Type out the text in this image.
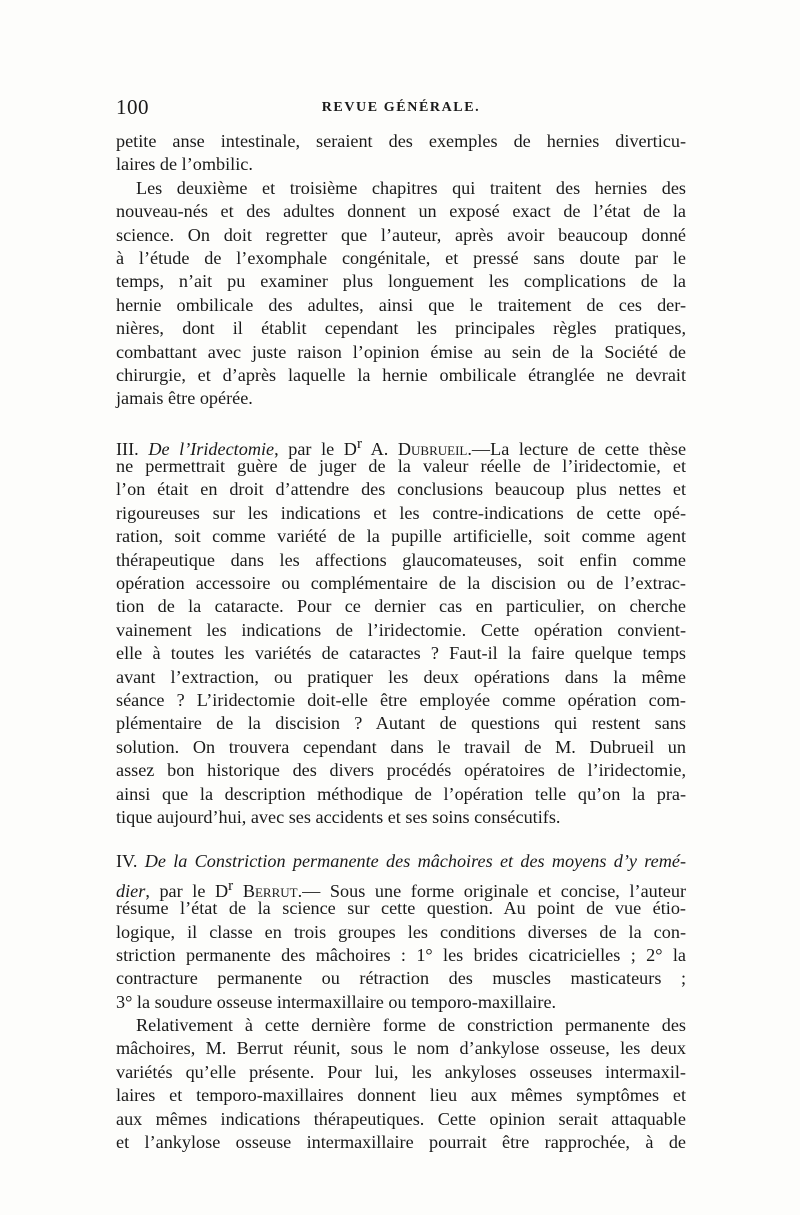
100	REVUE GÉNÉRALE.
petite anse intestinale, seraient des exemples de hernies diverticu-
laires de l’ombilic.
Les deuxième et troisième chapitres qui traitent des hernies des
nouveau-nés et des adultes donnent un exposé exact de l’état de la
science. On doit regretter que l’auteur, après avoir beaucoup donné
à l’étude de l’exomphale congénitale, et pressé sans doute par le
temps, n’ait pu examiner plus longuement les complications de la
hernie ombilicale des adultes, ainsi que le traitement de ces der-
nières, dont il établit cependant les principales règles pratiques,
combattant avec juste raison l’opinion émise au sein de la Société de
chirurgie, et d’après laquelle la hernie ombilicale étranglée ne devrait
jamais être opérée.
III. De l’Iridectomie, par le $D^r$ A. Dubrueil.—La lecture de cette thèse
ne permettrait guère de juger de la valeur réelle de l’iridectomie, et
l’on était en droit d’attendre des conclusions beaucoup plus nettes et
rigoureuses sur les indications et les contre-indications de cette opé-
ration, soit comme variété de la pupille artificielle, soit comme agent
thérapeutique dans les affections glaucomateuses, soit enfin comme
opération accessoire ou complémentaire de la discision ou de l’extrac-
tion de la cataracte. Pour ce dernier cas en particulier, on cherche
vainement les indications de l’iridectomie. Cette opération convient-
elle à toutes les variétés de cataractes ? Faut-il la faire quelque temps
avant l’extraction, ou pratiquer les deux opérations dans la même
séance ? L’iridectomie doit-elle être employée comme opération com-
plémentaire de la discision ? Autant de questions qui restent sans
solution. On trouvera cependant dans le travail de M. Dubrueil un
assez bon historique des divers procédés opératoires de l’iridectomie,
ainsi que la description méthodique de l’opération telle qu’on la pra-
tique aujourd’hui, avec ses accidents et ses soins consécutifs.
IV. De la Constriction permanente des mâchoires et des moyens d’y remé-
dier, par le $D^r$ Berrut.— Sous une forme originale et concise, l’auteur
résume l’état de la science sur cette question. Au point de vue étio-
logique, il classe en trois groupes les conditions diverses de la con-
striction permanente des mâchoires : 1° les brides cicatricielles ; 2° la
contracture permanente ou rétraction des muscles masticateurs ;
3° la soudure osseuse intermaxillaire ou temporo-maxillaire.
Relativement à cette dernière forme de constriction permanente des
mâchoires, M. Berrut réunit, sous le nom d’ankylose osseuse, les deux
variétés qu’elle présente. Pour lui, les ankyloses osseuses intermaxil-
laires et temporo-maxillaires donnent lieu aux mêmes symptômes et
aux mêmes indications thérapeutiques. Cette opinion serait attaquable
et l’ankylose osseuse intermaxillaire pourrait être rapprochée, à de
